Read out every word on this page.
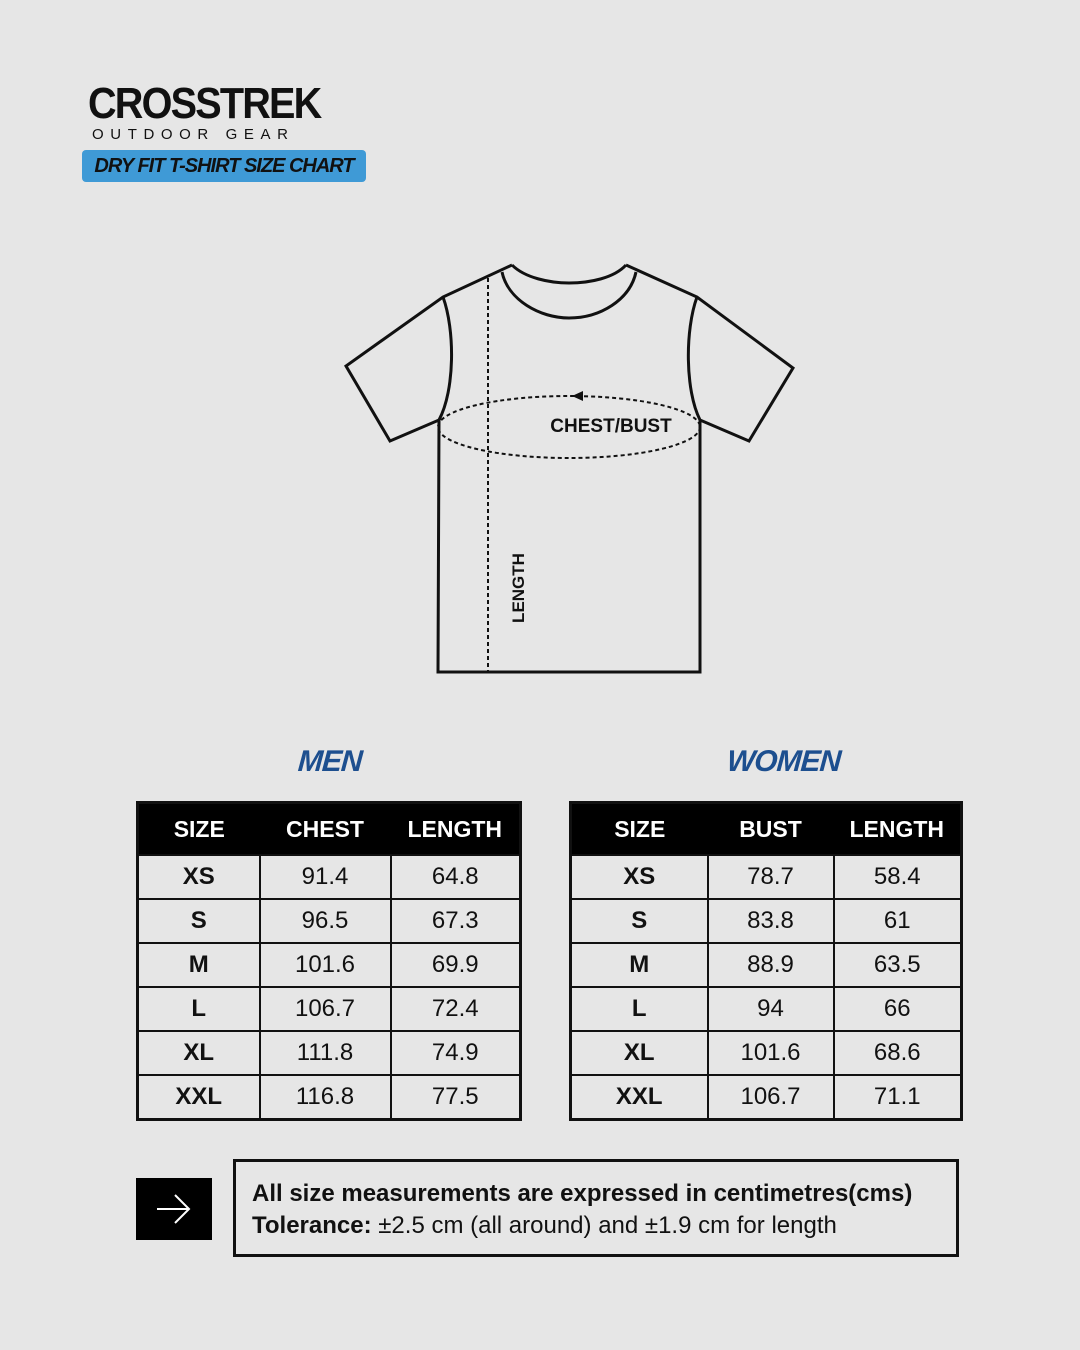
CROSSTREK
OUTDOOR GEAR
DRY FIT T-SHIRT SIZE CHART
CHEST/BUST
LENGTH
MEN	WOMEN
SIZE	CHEST	LENGTH
XS	91.4	64.8
S	96.5	67.3
M	101.6	69.9
L	106.7	72.4
XL	111.8	74.9
XXL	116.8	77.5
SIZE	BUST	LENGTH
XS	78.7	58.4
S	83.8	61
M	88.9	63.5
L	94	66
XL	101.6	68.6
XXL	106.7	71.1
All size measurements are expressed in centimetres(cms)
Tolerance: ±2.5 cm (all around) and ±1.9 cm for length
